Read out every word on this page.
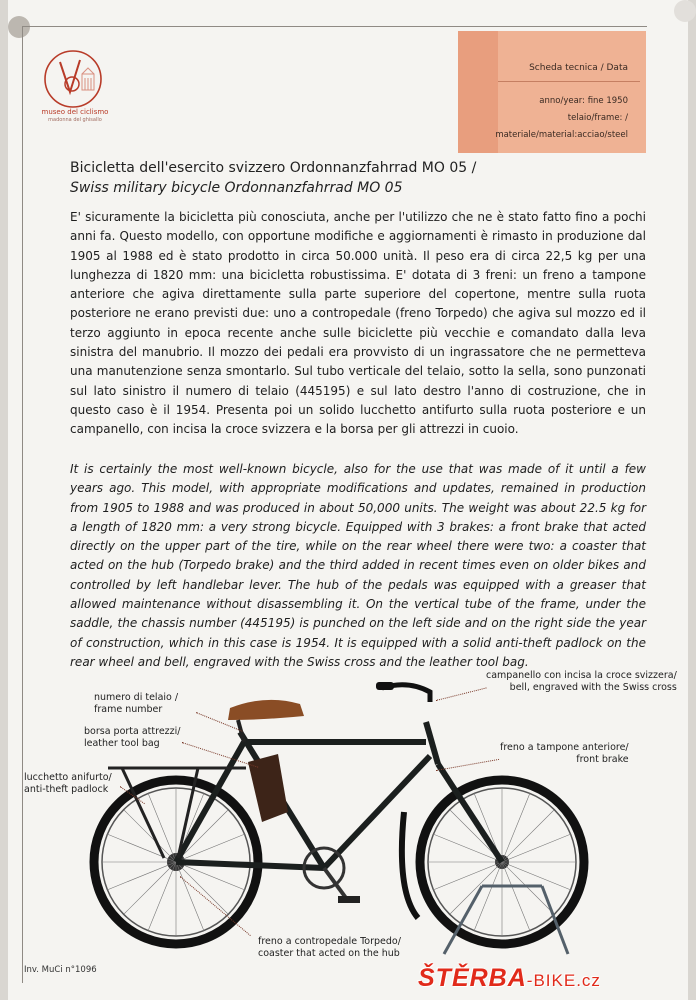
museo del ciclismo
madonna del ghisallo
Scheda tecnica / Data
anno/year: fine 1950
telaio/frame: /
materiale/material:acciao/steel
Bicicletta dell'esercito svizzero Ordonnanzfahrrad MO 05 /
Swiss military bicycle Ordonnanzfahrrad MO 05
E' sicuramente la bicicletta più conosciuta, anche per l'utilizzo che ne è stato fatto fino a pochi anni fa. Questo modello, con opportune modifiche e aggiornamenti è rimasto in produzione dal 1905 al 1988 ed è stato prodotto in circa 50.000 unità. Il peso era di circa 22,5 kg per una lunghezza di 1820 mm: una bicicletta robustissima. E' dotata di 3 freni: un freno a tampone anteriore che agiva direttamente sulla parte superiore del copertone, mentre sulla ruota posteriore ne erano previsti due: uno a contropedale (freno Torpedo) che agiva sul mozzo ed il terzo aggiunto in epoca recente anche sulle biciclette più vecchie e comandato dalla leva sinistra del manubrio. Il mozzo dei pedali era provvisto di un ingrassatore che ne permetteva una manutenzione senza smontarlo. Sul tubo verticale del telaio, sotto la sella, sono punzonati sul lato sinistro il numero di telaio (445195) e sul lato destro l'anno di costruzione, che in questo caso è il 1954. Presenta poi un solido lucchetto antifurto sulla ruota posteriore e un campanello, con incisa la croce svizzera e la borsa per gli attrezzi in cuoio.
It is certainly the most well-known bicycle, also for the use that was made of it until a few years ago. This model, with appropriate modifications and updates, remained in production from 1905 to 1988 and was produced in about 50,000 units. The weight was about 22.5 kg for a length of 1820 mm: a very strong bicycle. Equipped with 3 brakes: a front brake that acted directly on the upper part of the tire, while on the rear wheel there were two: a coaster that acted on the hub (Torpedo brake) and the third added in recent times even on older bikes and controlled by left handlebar lever. The hub of the pedals was equipped with a greaser that allowed maintenance without disassembling it. On the vertical tube of the frame, under the saddle, the chassis number (445195) is punched on the left side and on the right side the year of construction, which in this case is 1954. It is equipped with a solid anti-theft padlock on the rear wheel and bell, engraved with the Swiss cross and the leather tool bag.
numero di telaio /
frame number
borsa porta attrezzi/
leather tool bag
lucchetto anifurto/
anti-theft padlock
campanello con incisa la croce svizzera/
bell, engraved with the Swiss cross
freno a tampone anteriore/
front brake
freno a contropedale Torpedo/
coaster that acted on the hub
Inv. MuCi n°1096	ŠTĚRBA-BIKE.cz
